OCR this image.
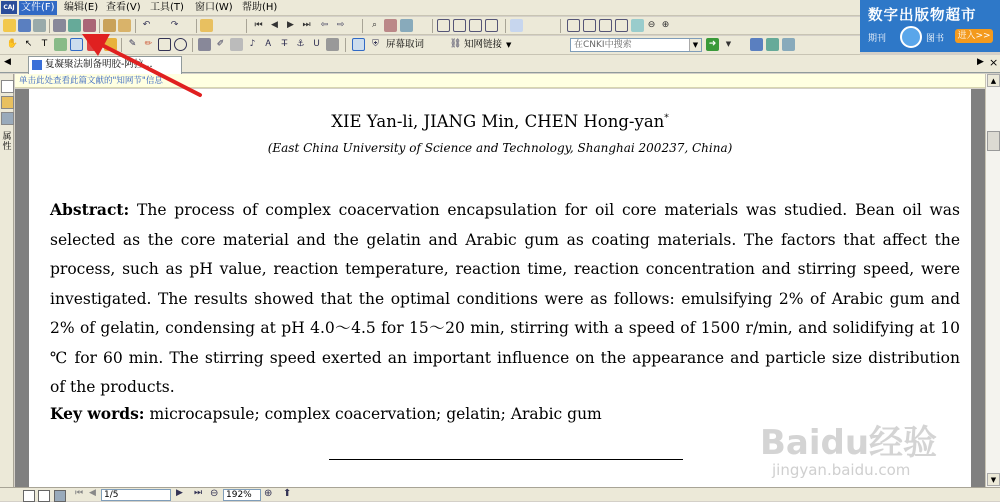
CAJ 文件(F) 编辑(E) 查看(V) 工具(T) 窗口(W) 帮助(H)
↶	↷	⏮ ◀	▶ ⏭	⇦ ⇨	⌕	⊖ ⊕
✋ ↖	T	✎ ✏	✐	♪	Ꭺ	T̶	⚓ U	⛨ 屏幕取词	⛓ 知网链接 ▼	在CNKI中搜索	▼	➜	▼
数字出版物超市
期刊	图书 进入>>
◀	复凝聚法制备明胶-阿拉...	▶ ×
属性
单击此处查看此篇文献的"知网节"信息
XIE Yan-li, JIANG Min, CHEN Hong-yan*
(East China University of Science and Technology, Shanghai 200237, China)
Abstract: The process of complex coacervation encapsulation for oil core materials was studied. Bean oil was selected as the core material and the gelatin and Arabic gum as coating materials. The factors that affect the process, such as pH value, reaction temperature, reaction time, reaction concentration and stirring speed, were investigated. The results showed that the optimal conditions were as follows: emulsifying 2% of Arabic gum and 2% of gelatin, condensing at pH 4.0～4.5 for 15～20 min, stirring with a speed of 1500 r/min, and solidifying at 10 ℃ for 60 min. The stirring speed exerted an important influence on the appearance and particle size distribution of the products.
Key words: microcapsule; complex coacervation; gelatin; Arabic gum
▲
▼
⏮ ◀ 1/5	▶ ⏭ ⊖ 192%	⊕ ⬆
Baidu经验
jingyan.baidu.com
